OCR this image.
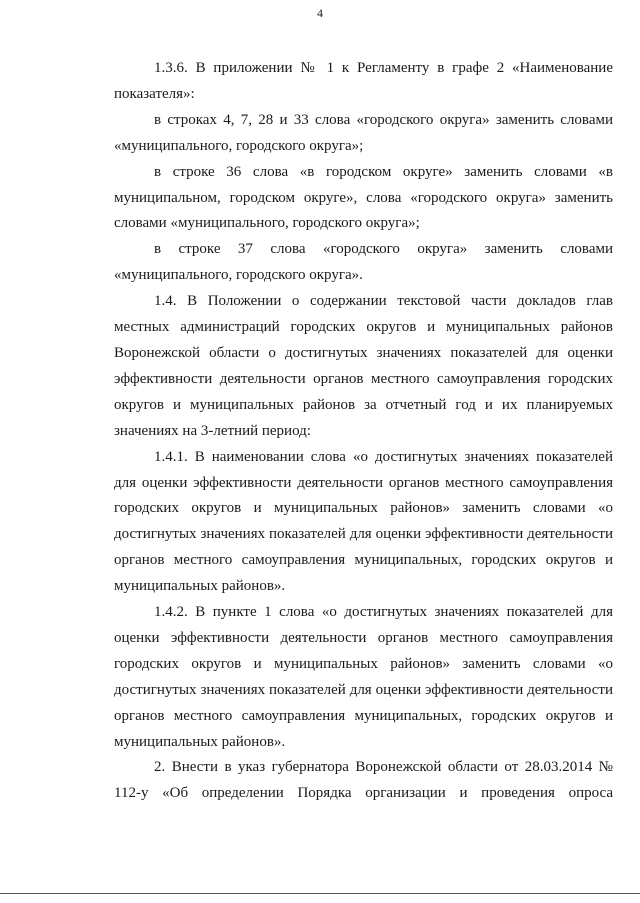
4

1.3.6. В приложении № 1 к Регламенту в графе 2 «Наименование показателя»:

в строках 4, 7, 28 и 33 слова «городского округа» заменить словами «муниципального, городского округа»;

в строке 36 слова «в городском округе» заменить словами «в муниципальном, городском округе», слова «городского округа» заменить словами «муниципального, городского округа»;

в строке 37 слова «городского округа» заменить словами «муниципального, городского округа».

1.4. В Положении о содержании текстовой части докладов глав местных администраций городских округов и муниципальных районов Воронежской области о достигнутых значениях показателей для оценки эффективности деятельности органов местного самоуправления городских округов и муниципальных районов за отчетный год и их планируемых значениях на 3-летний период:

1.4.1. В наименовании слова «о достигнутых значениях показателей для оценки эффективности деятельности органов местного самоуправления городских округов и муниципальных районов» заменить словами «о достигнутых значениях показателей для оценки эффективности деятельности органов местного самоуправления муниципальных, городских округов и муниципальных районов».

1.4.2. В пункте 1 слова «о достигнутых значениях показателей для оценки эффективности деятельности органов местного самоуправления городских округов и муниципальных районов» заменить словами «о достигнутых значениях показателей для оценки эффективности деятельности органов местного самоуправления муниципальных, городских округов и муниципальных районов».

2. Внести в указ губернатора Воронежской области от 28.03.2014 № 112-у «Об определении Порядка организации и проведения опроса
